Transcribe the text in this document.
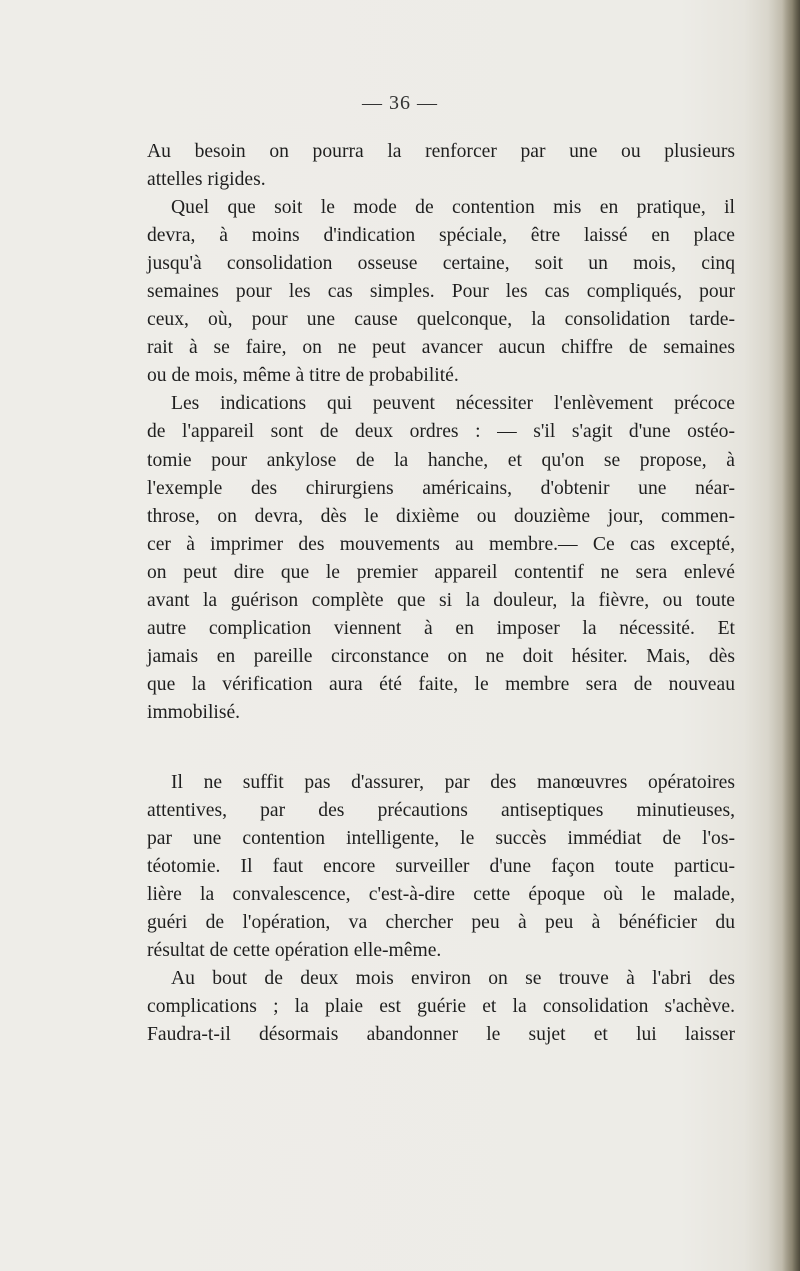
— 36 —
Au besoin on pourra la renforcer par une ou plusieurs
attelles rigides.
Quel que soit le mode de contention mis en pratique, il
devra, à moins d'indication spéciale, être laissé en place
jusqu'à consolidation osseuse certaine, soit un mois, cinq
semaines pour les cas simples. Pour les cas compliqués, pour
ceux, où, pour une cause quelconque, la consolidation tarde-
rait à se faire, on ne peut avancer aucun chiffre de semaines
ou de mois, même à titre de probabilité.
Les indications qui peuvent nécessiter l'enlèvement précoce
de l'appareil sont de deux ordres : — s'il s'agit d'une ostéo-
tomie pour ankylose de la hanche, et qu'on se propose, à
l'exemple des chirurgiens américains, d'obtenir une néar-
throse, on devra, dès le dixième ou douzième jour, commen-
cer à imprimer des mouvements au membre.— Ce cas excepté,
on peut dire que le premier appareil contentif ne sera enlevé
avant la guérison complète que si la douleur, la fièvre, ou toute
autre complication viennent à en imposer la nécessité. Et
jamais en pareille circonstance on ne doit hésiter. Mais, dès
que la vérification aura été faite, le membre sera de nouveau
immobilisé.
Il ne suffit pas d'assurer, par des manœuvres opératoires
attentives, par des précautions antiseptiques minutieuses,
par une contention intelligente, le succès immédiat de l'os-
téotomie. Il faut encore surveiller d'une façon toute particu-
lière la convalescence, c'est-à-dire cette époque où le malade,
guéri de l'opération, va chercher peu à peu à bénéficier du
résultat de cette opération elle-même.
Au bout de deux mois environ on se trouve à l'abri des
complications ; la plaie est guérie et la consolidation s'achève.
Faudra-t-il désormais abandonner le sujet et lui laisser
